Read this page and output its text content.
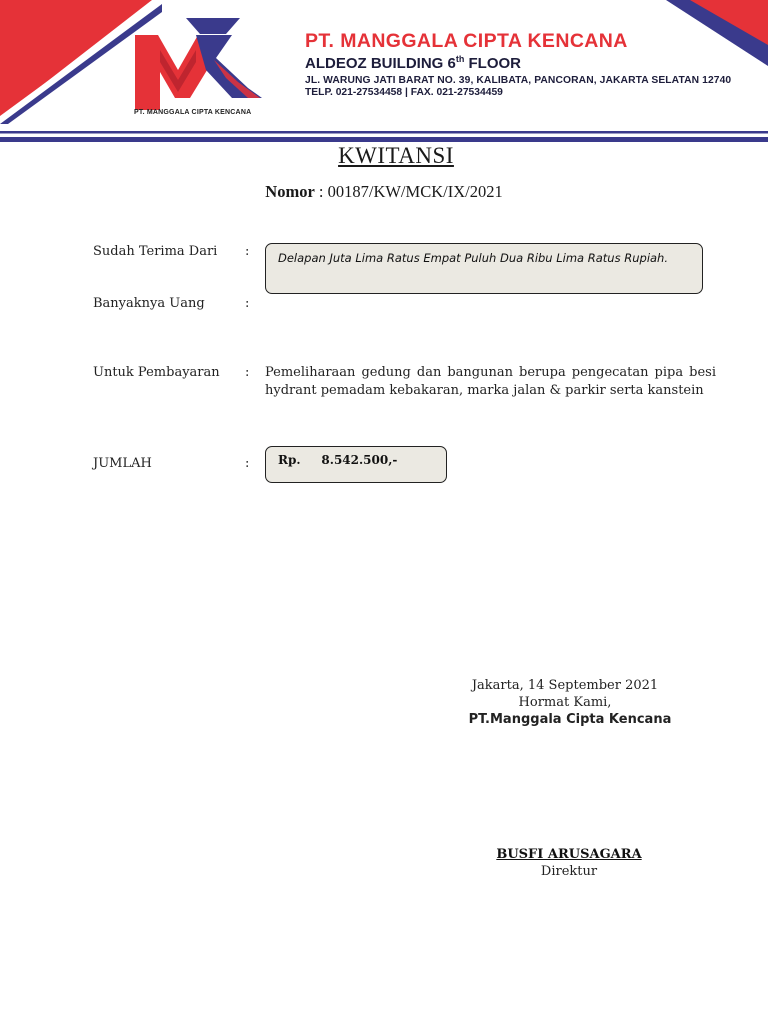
PT. MANGGALA CIPTA KENCANA
PT. MANGGALA CIPTA KENCANA
ALDEOZ BUILDING 6th FLOOR
JL. WARUNG JATI BARAT NO. 39, KALIBATA, PANCORAN, JAKARTA SELATAN 12740
TELP. 021-27534458 | FAX. 021-27534459
KWITANSI
Nomor : 00187/KW/MCK/IX/2021
Sudah Terima Dari : Delapan Juta Lima Ratus Empat Puluh Dua Ribu Lima Ratus Rupiah.
Banyaknya Uang	:
Untuk Pembayaran : Pemeliharaan gedung dan bangunan berupa pengecatan pipa besi
hydrant pemadam kebakaran, marka jalan & parkir serta kanstein
JUMLAH	: Rp.     8.542.500,-
Jakarta, 14 September 2021
Hormat Kami,
PT.Manggala Cipta Kencana
BUSFI ARUSAGARA
Direktur
